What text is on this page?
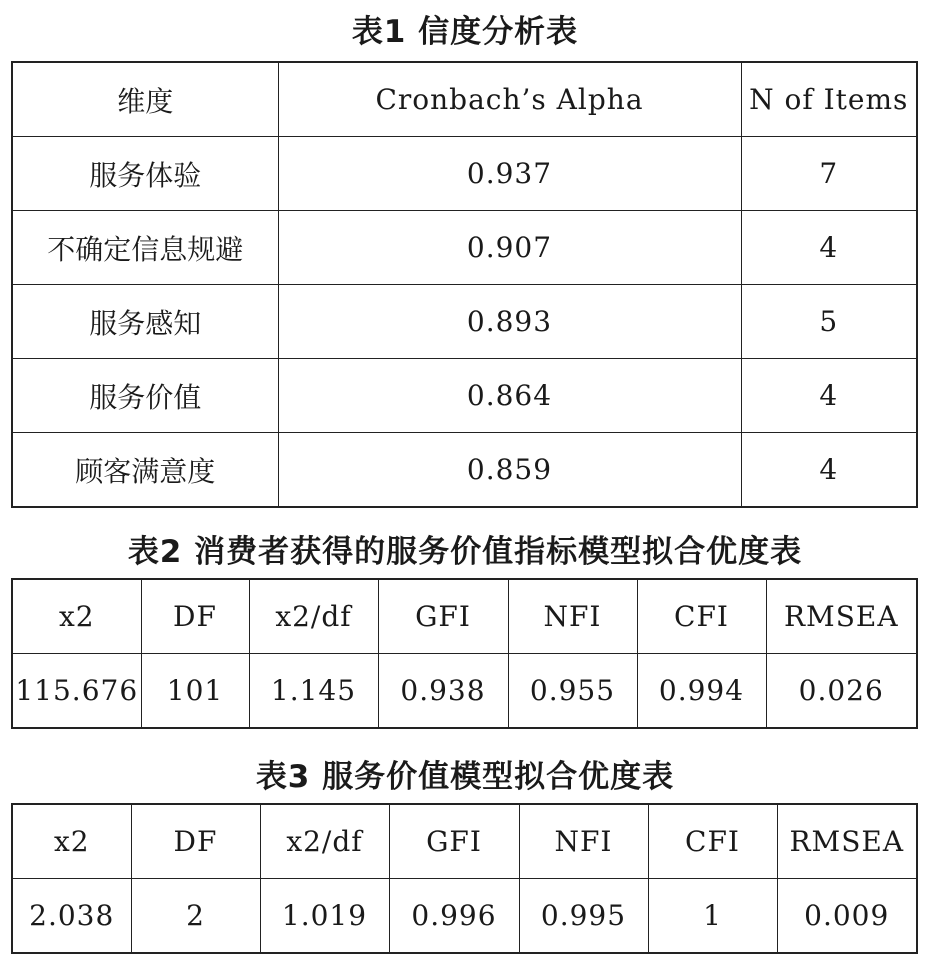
表1 信度分析表
维度	Cronbach’s Alpha	N of Items
服务体验	0.937	7
不确定信息规避	0.907	4
服务感知	0.893	5
服务价值	0.864	4
顾客满意度	0.859	4
表2 消费者获得的服务价值指标模型拟合优度表
x2	DF	x2/df	GFI	NFI	CFI	RMSEA
115.676	101	1.145	0.938	0.955	0.994	0.026
表3 服务价值模型拟合优度表
x2	DF	x2/df	GFI	NFI	CFI	RMSEA
2.038	2	1.019	0.996	0.995	1	0.009
